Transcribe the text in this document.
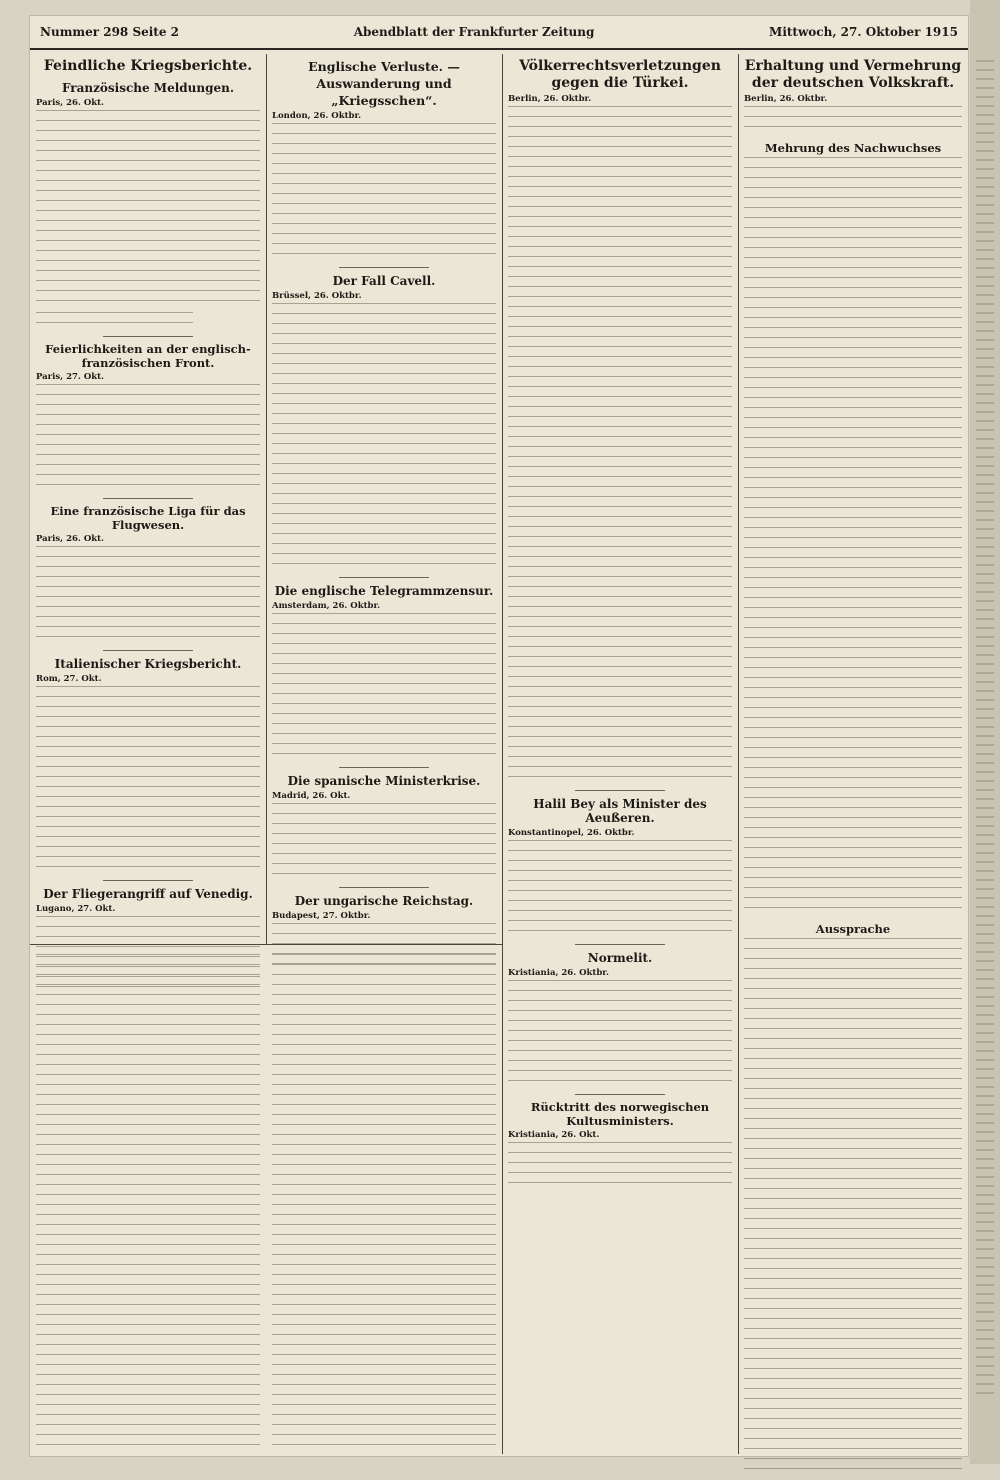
Nummer 298 Seite 2	Abendblatt der Frankfurter Zeitung	Mittwoch, 27. Oktober 1915
Feindliche Kriegsberichte.
Französische Meldungen.
Paris, 26. Okt.
Feierlichkeiten an der englisch-französischen Front.
Paris, 27. Okt.
Eine französische Liga für das Flugwesen.
Paris, 26. Okt.
Italienischer Kriegsbericht.
Rom, 27. Okt.
Der Fliegerangriff auf Venedig.
Lugano, 27. Okt.
Englische Verluste. — Auswanderung und „Kriegsschen“.
London, 26. Oktbr.
Der Fall Cavell.
Brüssel, 26. Oktbr.
Die englische Telegrammzensur.
Amsterdam, 26. Oktbr.
Die spanische Ministerkrise.
Madrid, 26. Okt.
Der ungarische Reichstag.
Budapest, 27. Oktbr.
Völkerrechtsverletzungen gegen die Türkei.
Berlin, 26. Oktbr.
Halil Bey als Minister des Aeußeren.
Konstantinopel, 26. Oktbr.
Normelit.
Kristiania, 26. Oktbr.
Rücktritt des norwegischen Kultusministers.
Kristiania, 26. Okt.
Erhaltung und Vermehrung der deutschen Volkskraft.
Berlin, 26. Oktbr.
Mehrung des Nachwuchses
Aussprache
